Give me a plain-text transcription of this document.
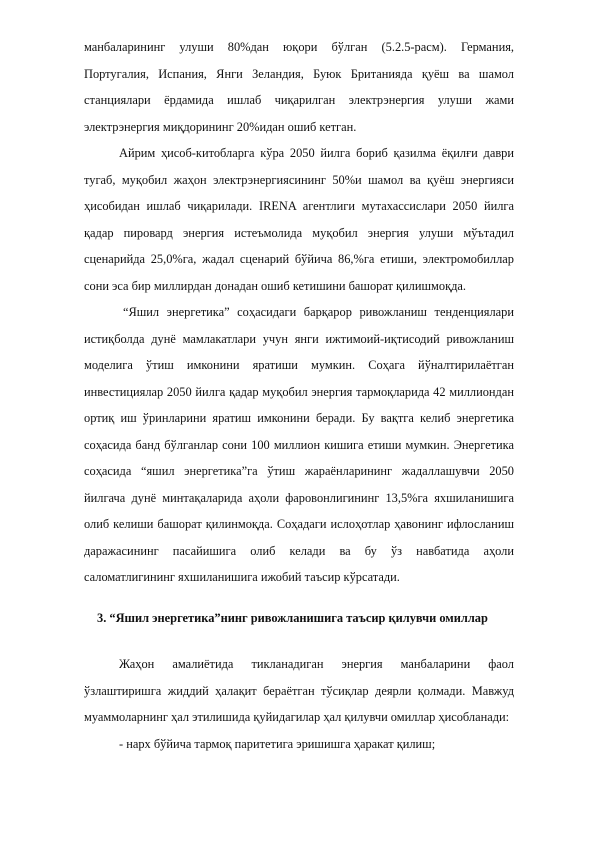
манбаларининг улуши 80%дан юқори бўлган (5.2.5-расм). Германия, Португалия, Испания, Янги Зеландия, Буюк Британияда қуёш ва шамол станциялари ёрдамида ишлаб чиқарилган электрэнергия улуши жами электрэнергия миқдорининг 20%идан ошиб кетган.

Айрим ҳисоб-китобларга кўра 2050 йилга бориб қазилма ёқилғи даври тугаб, муқобил жаҳон электрэнергиясининг 50%и шамол ва қуёш энергияси ҳисобидан ишлаб чиқарилади. IRENA агентлиги мутахассислари 2050 йилга қадар пировард энергия истеъмолида муқобил энергия улуши мўътадил сценарийда 25,0%га, жадал сценарий бўйича 86,%га етиши, электромобиллар сони эса бир миллирдан донадан ошиб кетишини башорат қилишмоқда.

“Яшил энергетика” соҳасидаги барқарор ривожланиш тенденциялари истиқболда дунё мамлакатлари учун янги ижтимоий-иқтисодий ривожланиш моделига ўтиш имконини яратиши мумкин. Соҳага йўналтирилаётган инвестициялар 2050 йилга қадар муқобил энергия тармоқларида 42 миллиондан ортиқ иш ўринларини яратиш имконини беради. Бу вақтга келиб энергетика соҳасида банд бўлганлар сони 100 миллион кишига етиши мумкин. Энергетика соҳасида “яшил энергетика”га ўтиш жараёнларининг жадаллашувчи 2050 йилгача дунё минтақаларида аҳоли фаровонлигининг 13,5%га яхшиланишига олиб келиши башорат қилинмоқда. Соҳадаги ислоҳотлар ҳавонинг ифлосланиш даражасининг пасайишига олиб келади ва бу ўз навбатида аҳоли саломатлигининг яхшиланишига ижобий таъсир кўрсатади.

3. “Яшил энергетика”нинг ривожланишига таъсир қилувчи омиллар

Жаҳон амалиётида тикланадиган энергия манбаларини фаол ўзлаштиришга жиддий ҳалақит бераётган тўсиқлар деярли қолмади. Мавжуд муаммоларнинг ҳал этилишида қуйидагилар ҳал қилувчи омиллар ҳисобланади:

- нарх бўйича тармоқ паритетига эришишга ҳаракат қилиш;
